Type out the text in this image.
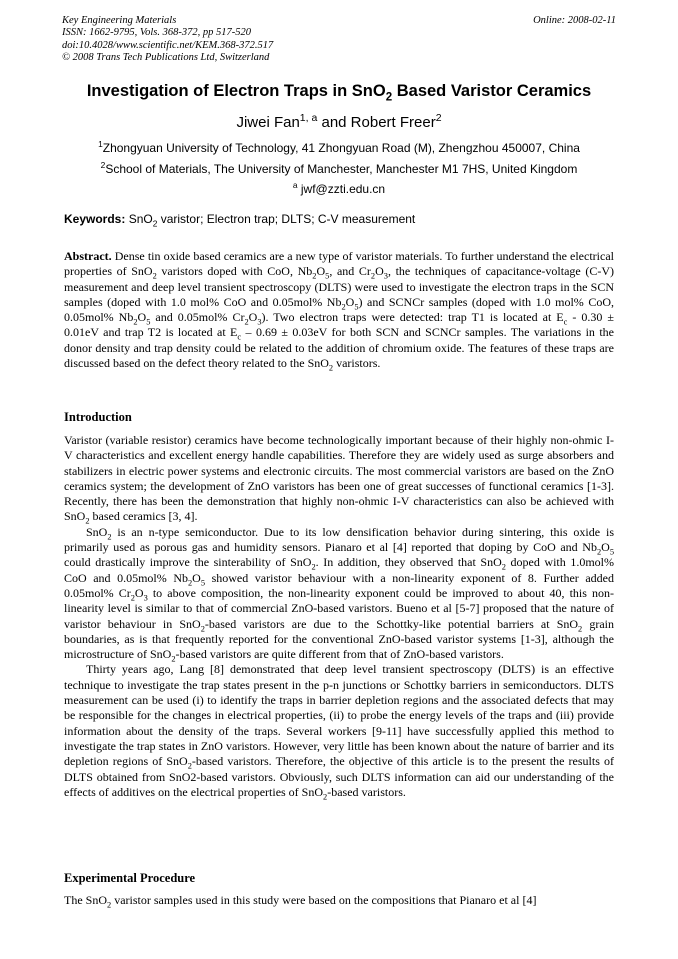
Key Engineering Materials
ISSN: 1662-9795, Vols. 368-372, pp 517-520
doi:10.4028/www.scientific.net/KEM.368-372.517
© 2008 Trans Tech Publications Ltd, Switzerland
Online: 2008-02-11
Investigation of Electron Traps in SnO$_2$ Based Varistor Ceramics
Jiwei Fan$^{1, a}$ and Robert Freer$^2$
$^1$Zhongyuan University of Technology, 41 Zhongyuan Road (M), Zhengzhou 450007, China
$^2$School of Materials, The University of Manchester, Manchester M1 7HS, United Kingdom
$^a$ jwf@zzti.edu.cn
Keywords: SnO$_2$ varistor; Electron trap; DLTS; C-V measurement

Abstract. Dense tin oxide based ceramics are a new type of varistor materials. To further understand the electrical properties of SnO$_2$ varistors doped with CoO, $Nb_2O_5$, and $Cr_2O_3$, the techniques of capacitance-voltage (C-V) measurement and deep level transient spectroscopy (DLTS) were used to investigate the electron traps in the SCN samples (doped with 1.0 mol% CoO and 0.05mol% $Nb_2O_5$) and SCNCr samples (doped with 1.0 mol% CoO, 0.05mol% $Nb_2O_5$ and 0.05mol% $Cr_2O_3$). Two electron traps were detected: trap T1 is located at $E_c - 0.30 \pm 0.01eV$ and trap T2 is located at $E_c - 0.69 \pm 0.03eV$ for both SCN and SCNCr samples. The variations in the donor density and trap density could be related to the addition of chromium oxide. The features of these traps are discussed based on the defect theory related to the SnO$_2$ varistors.

Introduction

Varistor (variable resistor) ceramics have become technologically important because of their highly non-ohmic I-V characteristics and excellent energy handle capabilities. Therefore they are widely used as surge absorbers and stabilizers in electric power systems and electronic circuits. The most commercial varistors are based on the ZnO ceramics system; the development of ZnO varistors has been one of great successes of functional ceramics [1-3]. Recently, there has been the demonstration that highly non-ohmic I-V characteristics can also be achieved with SnO$_2$ based ceramics [3, 4].

SnO$_2$ is an n-type semiconductor. Due to its low densification behavior during sintering, this oxide is primarily used as porous gas and humidity sensors. Pianaro et al [4] reported that doping by CoO and $Nb_2O_5$ could drastically improve the sinterability of SnO$_2$. In addition, they observed that SnO$_2$ doped with 1.0mol% CoO and 0.05mol% $Nb_2O_5$ showed varistor behaviour with a non-linearity exponent of 8. Further added 0.05mol% $Cr_2O_3$ to above composition, the non-linearity exponent could be improved to about 40, this non-linearity level is similar to that of commercial ZnO-based varistors. Bueno et al [5-7] proposed that the nature of varistor behaviour in SnO$_2$-based varistors are due to the Schottky-like potential barriers at SnO$_2$ grain boundaries, as is that frequently reported for the conventional ZnO-based varistor systems [1-3], although the microstructure of SnO$_2$-based varistors are quite different from that of ZnO-based varistors.

Thirty years ago, Lang [8] demonstrated that deep level transient spectroscopy (DLTS) is an effective technique to investigate the trap states present in the p-n junctions or Schottky barriers in semiconductors. DLTS measurement can be used (i) to identify the traps in barrier depletion regions and the associated defects that may be responsible for the changes in electrical properties, (ii) to probe the energy levels of the traps and (iii) provide information about the density of the traps. Several workers [9-11] have successfully applied this method to investigate the trap states in ZnO varistors. However, very little has been known about the nature of barrier and its depletion regions of SnO$_2$-based varistors. Therefore, the objective of this article is to the present the results of DLTS obtained from SnO2-based varistors. Obviously, such DLTS information can aid our understanding of the effects of additives on the electrical properties of SnO$_2$-based varistors.

Experimental Procedure

The SnO$_2$ varistor samples used in this study were based on the compositions that Pianaro et al [4]
